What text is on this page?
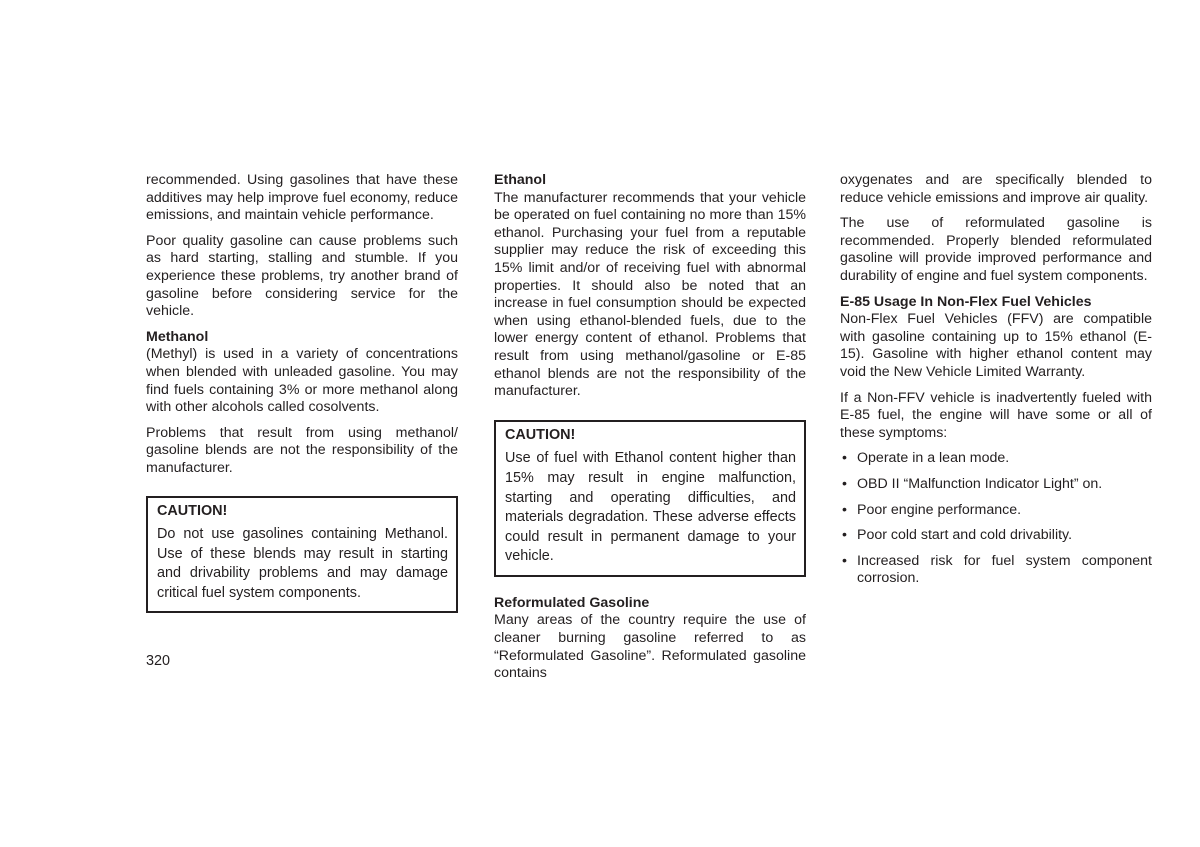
recommended. Using gasolines that have these additives may help improve fuel economy, reduce emissions, and maintain vehicle performance.

Poor quality gasoline can cause problems such as hard starting, stalling and stumble. If you experience these problems, try another brand of gasoline before considering service for the vehicle.

Methanol

(Methyl) is used in a variety of concentrations when blended with unleaded gasoline. You may find fuels containing 3% or more methanol along with other alcohols called cosolvents.

Problems that result from using methanol/ gasoline blends are not the responsibility of the manufacturer.

CAUTION!

Do not use gasolines containing Methanol. Use of these blends may result in starting and drivability problems and may damage critical fuel system components.

Ethanol

The manufacturer recommends that your vehicle be operated on fuel containing no more than 15% ethanol. Purchasing your fuel from a reputable supplier may reduce the risk of exceeding this 15% limit and/or of receiving fuel with abnormal properties. It should also be noted that an increase in fuel consumption should be expected when using ethanol-blended fuels, due to the lower energy content of ethanol. Problems that result from using methanol/gasoline or E-85 ethanol blends are not the responsibility of the manufacturer.

CAUTION!

Use of fuel with Ethanol content higher than 15% may result in engine malfunction, starting and operating difficulties, and materials degradation. These adverse effects could result in permanent damage to your vehicle.

Reformulated Gasoline

Many areas of the country require the use of cleaner burning gasoline referred to as “Reformulated Gasoline”. Reformulated gasoline contains

oxygenates and are specifically blended to reduce vehicle emissions and improve air quality.

The use of reformulated gasoline is recommended. Properly blended reformulated gasoline will provide improved performance and durability of engine and fuel system components.

E-85 Usage In Non-Flex Fuel Vehicles

Non-Flex Fuel Vehicles (FFV) are compatible with gasoline containing up to 15% ethanol (E-15). Gasoline with higher ethanol content may void the New Vehicle Limited Warranty.

If a Non-FFV vehicle is inadvertently fueled with E-85 fuel, the engine will have some or all of these symptoms:

• Operate in a lean mode.
• OBD II “Malfunction Indicator Light” on.
• Poor engine performance.
• Poor cold start and cold drivability.
• Increased risk for fuel system component corrosion.
320
